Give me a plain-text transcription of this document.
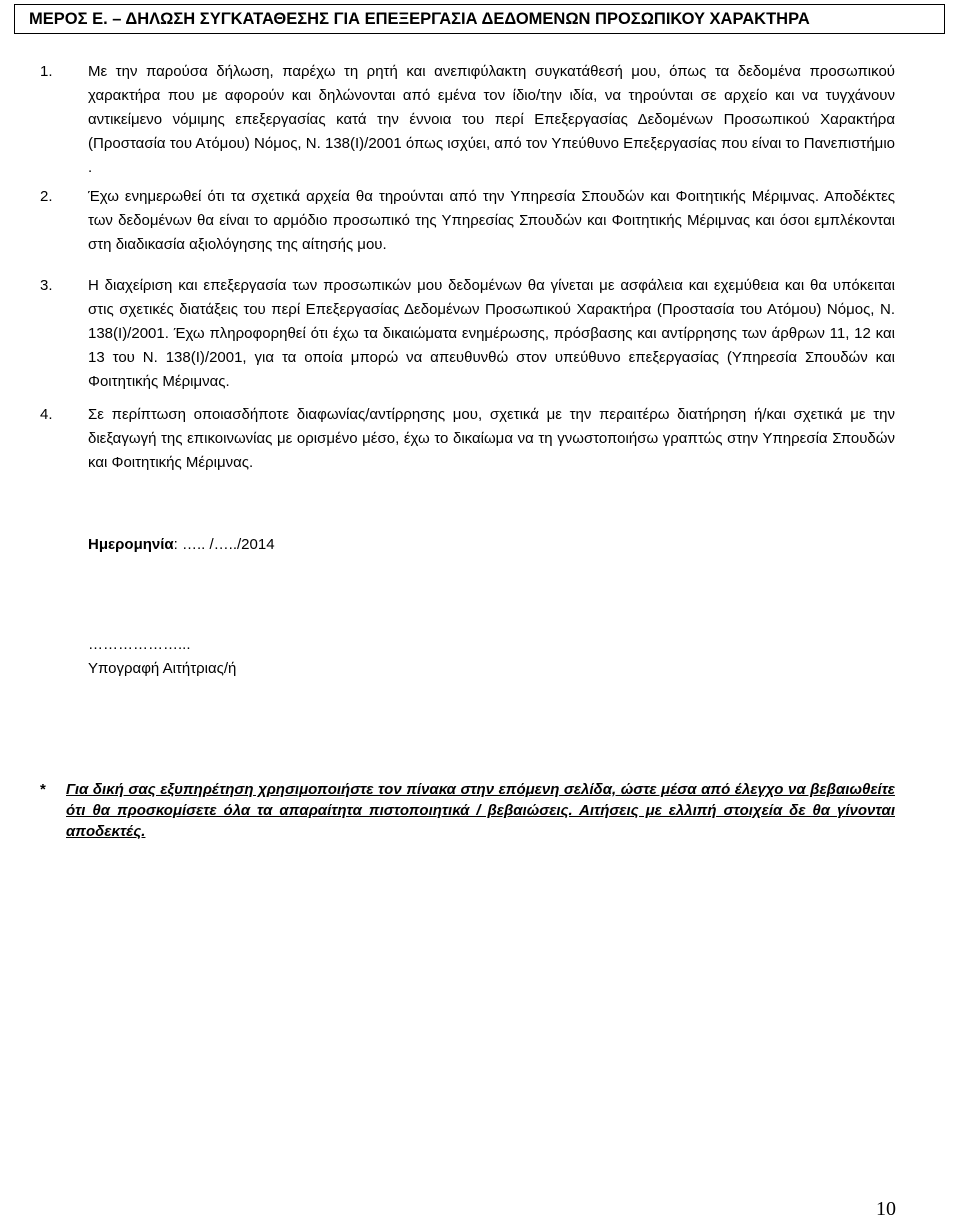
ΜΕΡΟΣ Ε. – ΔΗΛΩΣΗ ΣΥΓΚΑΤΑΘΕΣΗΣ ΓΙΑ ΕΠΕΞΕΡΓΑΣΙΑ ΔΕΔΟΜΕΝΩΝ ΠΡΟΣΩΠΙΚΟΥ ΧΑΡΑΚΤΗΡΑ
1. Με την παρούσα δήλωση, παρέχω τη ρητή και ανεπιφύλακτη συγκατάθεσή μου, όπως τα δεδομένα προσωπικού χαρακτήρα που με αφορούν και δηλώνονται από εμένα τον ίδιο/την ιδία, να τηρούνται σε αρχείο και να τυγχάνουν αντικείμενο νόμιμης επεξεργασίας κατά την έννοια του περί Επεξεργασίας Δεδομένων Προσωπικού Χαρακτήρα (Προστασία του Ατόμου) Νόμος, Ν. 138(Ι)/2001 όπως ισχύει, από τον Υπεύθυνο Επεξεργασίας που είναι το Πανεπιστήμιο .
2. Έχω ενημερωθεί ότι τα σχετικά αρχεία θα τηρούνται από την Υπηρεσία Σπουδών και Φοιτητικής Μέριμνας. Αποδέκτες των δεδομένων θα είναι το αρμόδιο προσωπικό της Υπηρεσίας Σπουδών και Φοιτητικής Μέριμνας και όσοι εμπλέκονται στη διαδικασία αξιολόγησης της αίτησής μου.
3. Η διαχείριση και επεξεργασία των προσωπικών μου δεδομένων θα γίνεται με ασφάλεια και εχεμύθεια και θα υπόκειται στις σχετικές διατάξεις του περί Επεξεργασίας Δεδομένων Προσωπικού Χαρακτήρα (Προστασία του Ατόμου) Νόμος, Ν. 138(Ι)/2001. Έχω πληροφορηθεί ότι έχω τα δικαιώματα ενημέρωσης, πρόσβασης και αντίρρησης των άρθρων 11, 12 και 13 του Ν. 138(Ι)/2001, για τα οποία μπορώ να απευθυνθώ στον υπεύθυνο επεξεργασίας (Υπηρεσία Σπουδών και Φοιτητικής Μέριμνας.
4. Σε περίπτωση οποιασδήποτε διαφωνίας/αντίρρησης μου, σχετικά με την περαιτέρω διατήρηση ή/και σχετικά με την διεξαγωγή της επικοινωνίας με ορισμένο μέσο, έχω το δικαίωμα να τη γνωστοποιήσω γραπτώς στην Υπηρεσία Σπουδών και Φοιτητικής Μέριμνας.
Ημερομηνία: ….. /…../2014
………………...
Υπογραφή Αιτήτριας/ή
* Για δική σας εξυπηρέτηση χρησιμοποιήστε τον πίνακα στην επόμενη σελίδα, ώστε μέσα από έλεγχο να βεβαιωθείτε ότι θα προσκομίσετε όλα τα απαραίτητα πιστοποιητικά / βεβαιώσεις. Αιτήσεις με ελλιπή στοιχεία δε θα γίνονται αποδεκτές.
10
